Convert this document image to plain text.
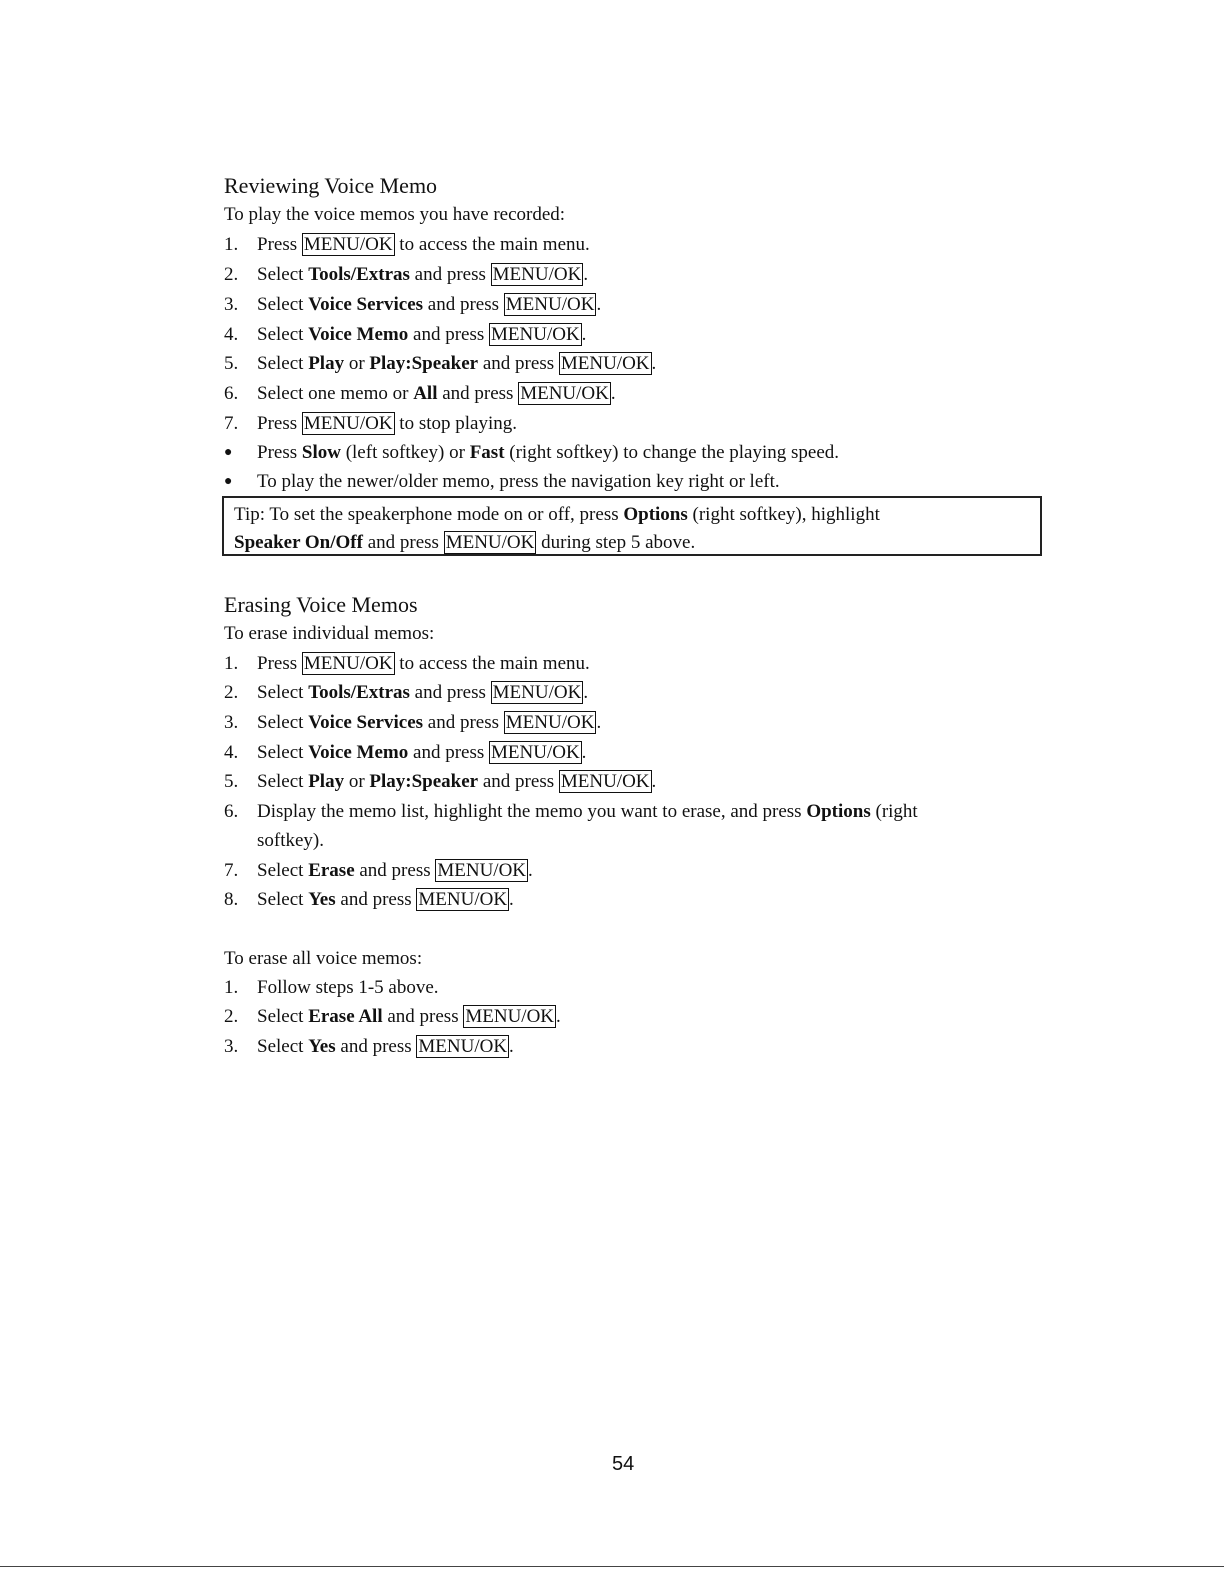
Reviewing Voice Memo
To play the voice memos you have recorded:
1. Press MENU/OK to access the main menu.
2. Select Tools/Extras and press MENU/OK .
3. Select Voice Services and press MENU/OK .
4. Select Voice Memo and press MENU/OK .
5. Select Play or Play:Speaker and press MENU/OK .
6. Select one memo or All and press MENU/OK .
7. Press MENU/OK to stop playing.
● Press Slow (left softkey) or Fast (right softkey) to change the playing speed.
● To play the newer/older memo, press the navigation key right or left.
Tip: To set the speakerphone mode on or off, press Options (right softkey), highlight
Speaker On/Off and press MENU/OK during step 5 above.
Erasing Voice Memos
To erase individual memos:
1. Press MENU/OK to access the main menu.
2. Select Tools/Extras and press MENU/OK .
3. Select Voice Services and press MENU/OK .
4. Select Voice Memo and press MENU/OK .
5. Select Play or Play:Speaker and press MENU/OK .
6. Display the memo list, highlight the memo you want to erase, and press Options (right
softkey).
7. Select Erase and press MENU/OK .
8. Select Yes and press MENU/OK .
To erase all voice memos:
1. Follow steps 1-5 above.
2. Select Erase All and press MENU/OK .
3. Select Yes and press MENU/OK .
54
